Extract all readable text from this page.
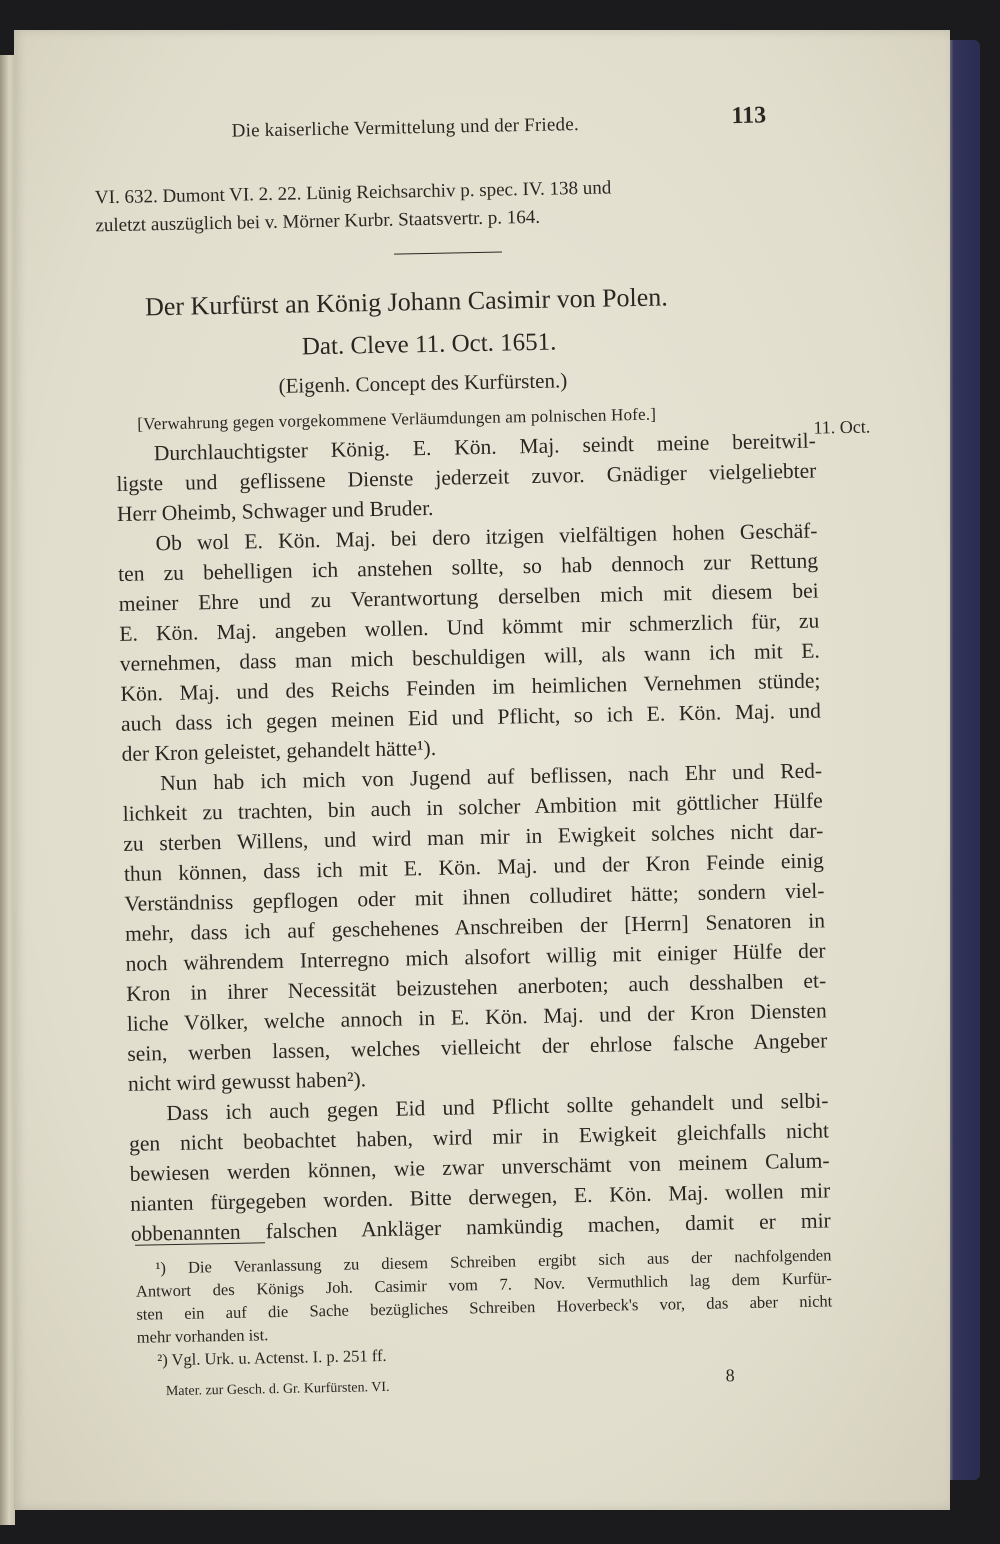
Die kaiserliche Vermittelung und der Friede.	113
VI. 632. Dumont VI. 2. 22. Lünig Reichsarchiv p. spec. IV. 138 und
zuletzt auszüglich bei v. Mörner Kurbr. Staatsvertr. p. 164.
Der Kurfürst an König Johann Casimir von Polen.
Dat. Cleve 11. Oct. 1651.
(Eigenh. Concept des Kurfürsten.)
[Verwahrung gegen vorgekommene Verläumdungen am polnischen Hofe.]	11. Oct.
Durchlauchtigster König. E. Kön. Maj. seindt meine bereitwil-
ligste und geflissene Dienste jederzeit zuvor. Gnädiger vielgeliebter
Herr Oheimb, Schwager und Bruder.
Ob wol E. Kön. Maj. bei dero itzigen vielfältigen hohen Geschäf-
ten zu behelligen ich anstehen sollte, so hab dennoch zur Rettung
meiner Ehre und zu Verantwortung derselben mich mit diesem bei
E. Kön. Maj. angeben wollen. Und kömmt mir schmerzlich für, zu
vernehmen, dass man mich beschuldigen will, als wann ich mit E.
Kön. Maj. und des Reichs Feinden im heimlichen Vernehmen stünde;
auch dass ich gegen meinen Eid und Pflicht, so ich E. Kön. Maj. und
der Kron geleistet, gehandelt hätte¹).
Nun hab ich mich von Jugend auf beflissen, nach Ehr und Red-
lichkeit zu trachten, bin auch in solcher Ambition mit göttlicher Hülfe
zu sterben Willens, und wird man mir in Ewigkeit solches nicht dar-
thun können, dass ich mit E. Kön. Maj. und der Kron Feinde einig
Verständniss gepflogen oder mit ihnen colludiret hätte; sondern viel-
mehr, dass ich auf geschehenes Anschreiben der [Herrn] Senatoren in
noch währendem Interregno mich alsofort willig mit einiger Hülfe der
Kron in ihrer Necessität beizustehen anerboten; auch desshalben et-
liche Völker, welche annoch in E. Kön. Maj. und der Kron Diensten
sein, werben lassen, welches vielleicht der ehrlose falsche Angeber
nicht wird gewusst haben²).
Dass ich auch gegen Eid und Pflicht sollte gehandelt und selbi-
gen nicht beobachtet haben, wird mir in Ewigkeit gleichfalls nicht
bewiesen werden können, wie zwar unverschämt von meinem Calum-
nianten fürgegeben worden. Bitte derwegen, E. Kön. Maj. wollen mir
obbenannten falschen Ankläger namkündig machen, damit er mir
¹) Die Veranlassung zu diesem Schreiben ergibt sich aus der nachfolgenden
Antwort des Königs Joh. Casimir vom 7. Nov. Vermuthlich lag dem Kurfür-
sten ein auf die Sache bezügliches Schreiben Hoverbeck's vor, das aber nicht
mehr vorhanden ist.
²) Vgl. Urk. u. Actenst. I. p. 251 ff.
Mater. zur Gesch. d. Gr. Kurfürsten. VI.
8
